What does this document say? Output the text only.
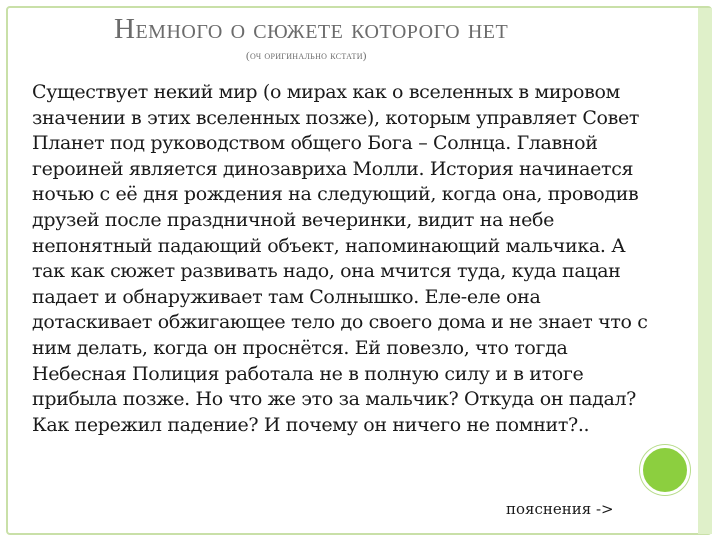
Немного о сюжете которого нет
(оч оригинально кстати)
Существует некий мир (о мирах как о вселенных в мировом
значении в этих вселенных позже), которым управляет Совет
Планет под руководством общего Бога – Солнца. Главной
героиней является динозавриха Молли. История начинается
ночью с её дня рождения на следующий, когда она, проводив
друзей после праздничной вечеринки, видит на небе
непонятный падающий объект, напоминающий мальчика. А
так как сюжет развивать надо, она мчится туда, куда пацан
падает и обнаруживает там Солнышко. Еле-еле она
дотаскивает обжигающее тело до своего дома и не знает что с
ним делать, когда он проснётся. Ей повезло, что тогда
Небесная Полиция работала не в полную силу и в итоге
прибыла позже. Но что же это за мальчик? Откуда он падал?
Как пережил падение? И почему он ничего не помнит?..
пояснения ->
